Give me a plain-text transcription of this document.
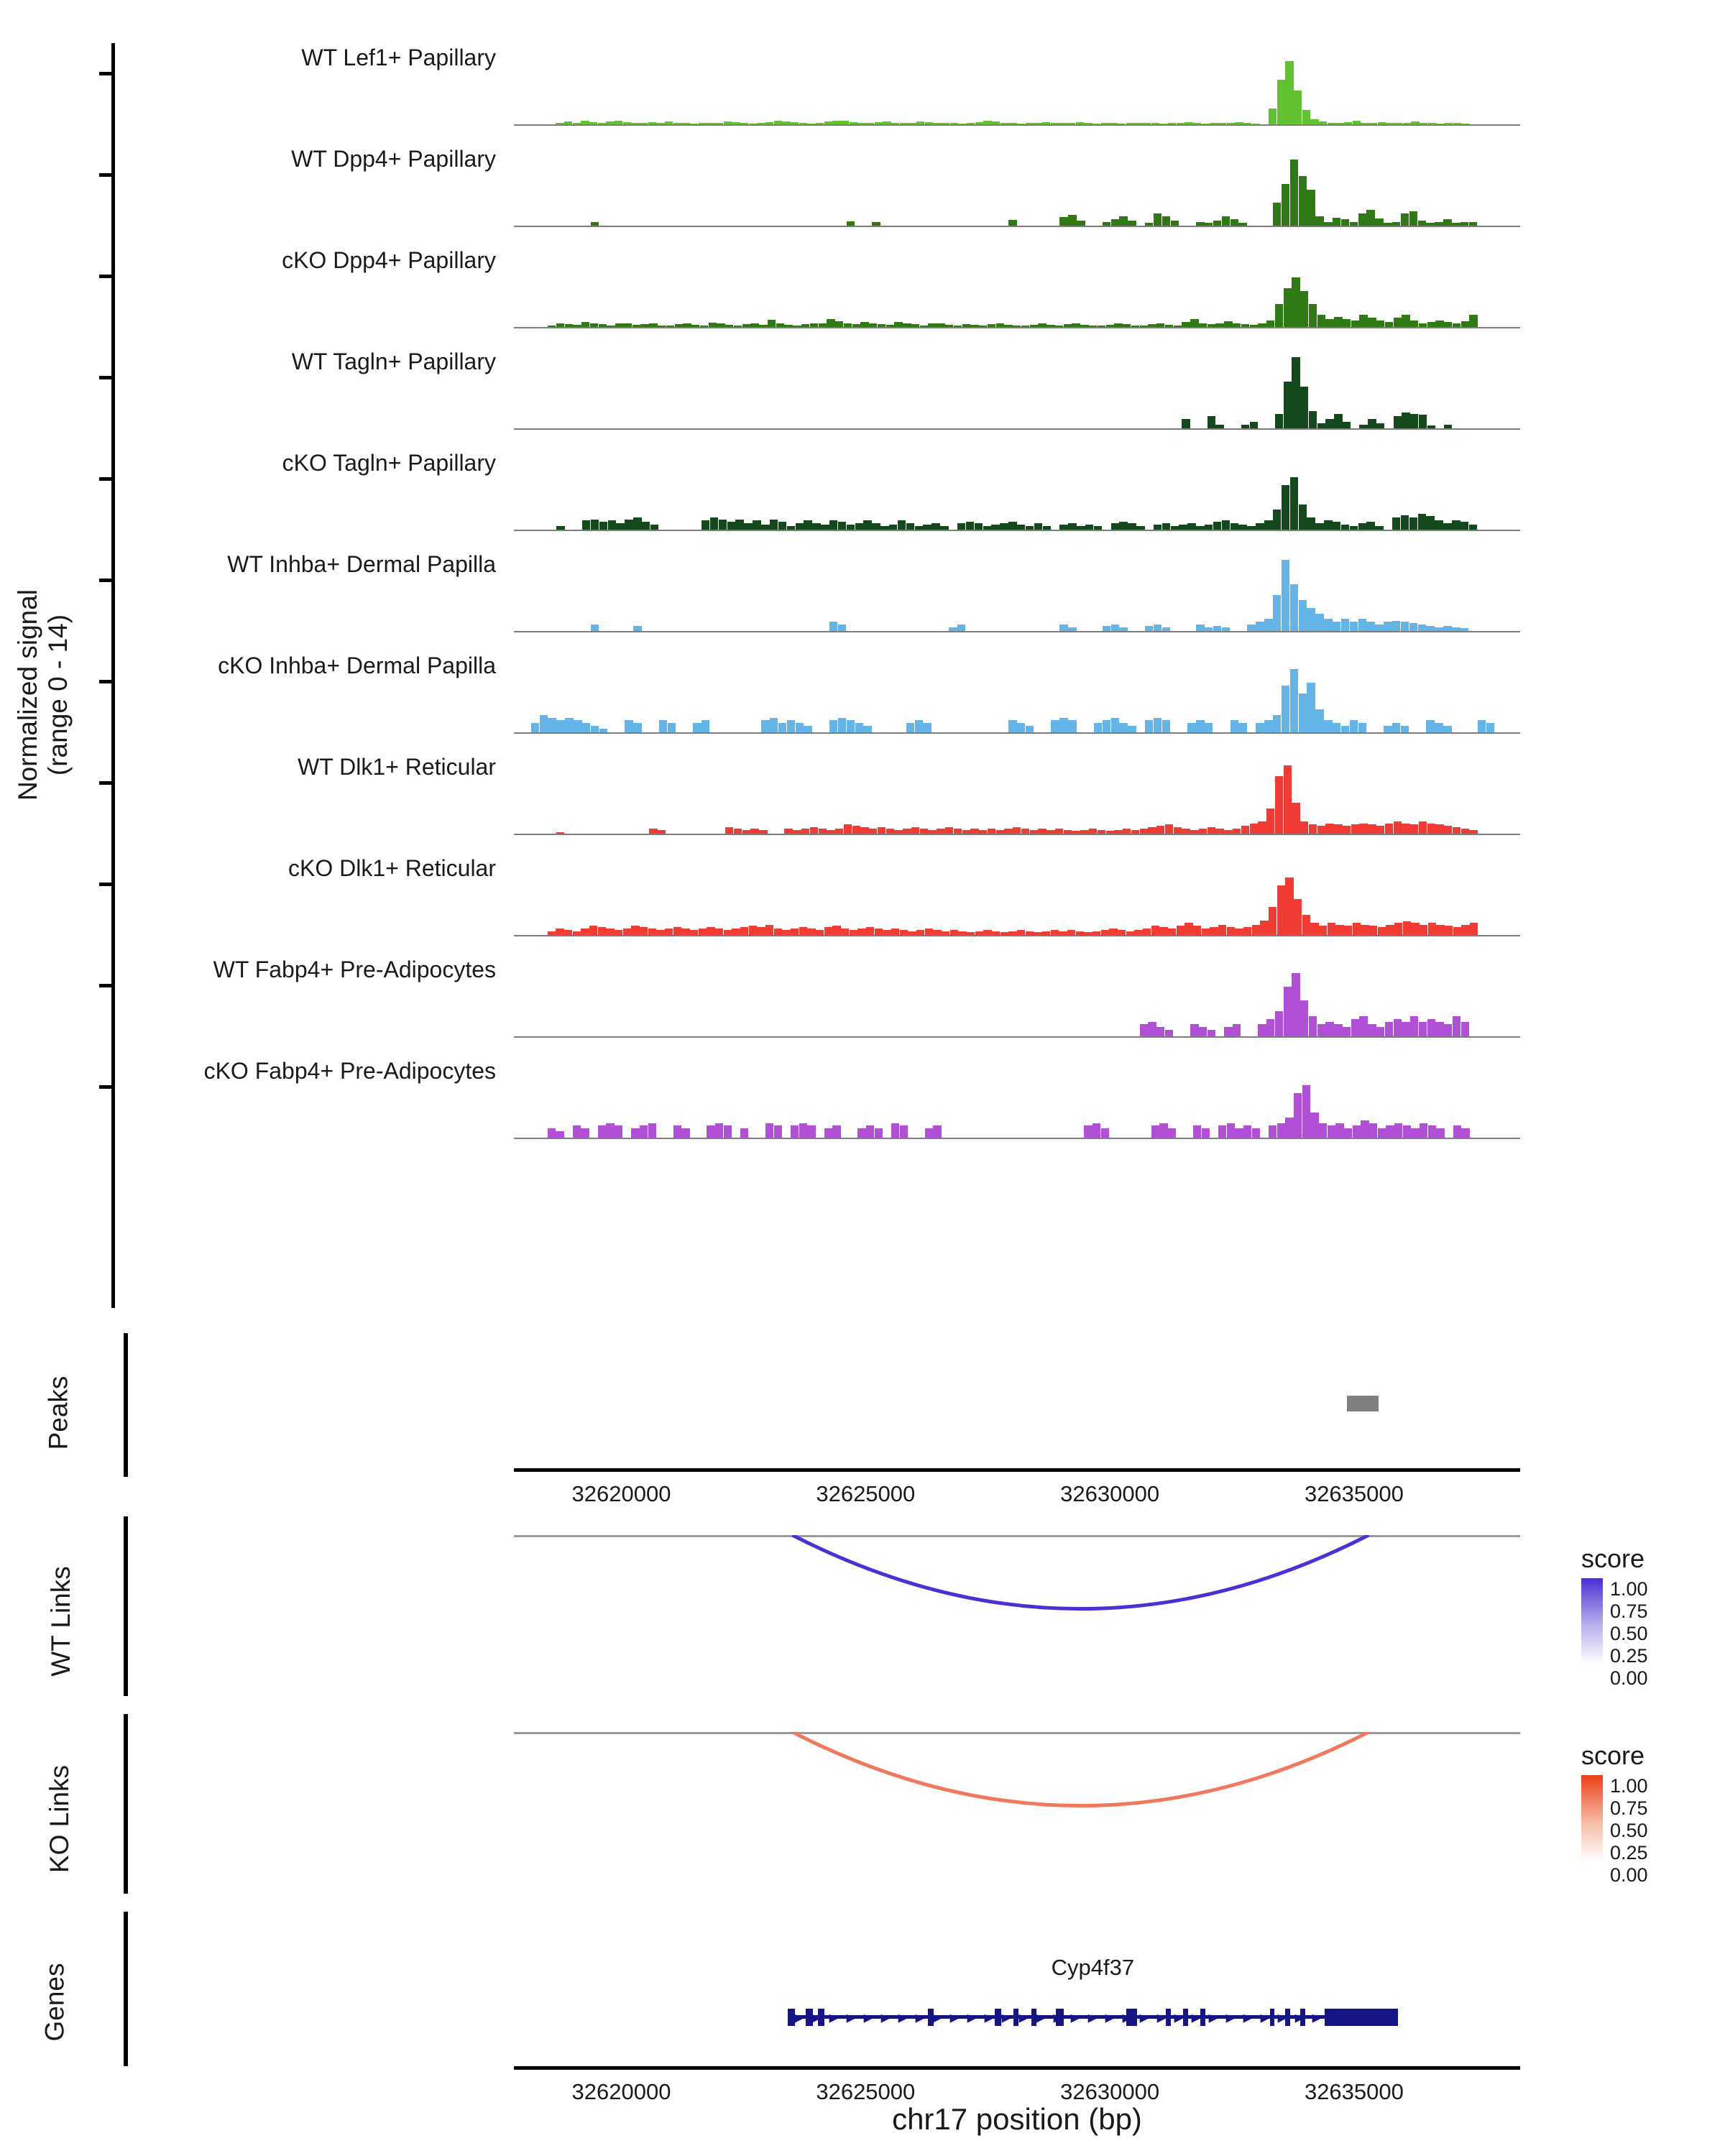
Normalized signal (range 0 - 14)
WT Lef1+ Papillary
WT Dpp4+ Papillary
cKO Dpp4+ Papillary
WT Tagln+ Papillary
cKO Tagln+ Papillary
WT Inhba+ Dermal Papilla
cKO Inhba+ Dermal Papilla
WT Dlk1+ Reticular
cKO Dlk1+ Reticular
WT Fabp4+ Pre-Adipocytes
cKO Fabp4+ Pre-Adipocytes
Peaks
32620000	32625000	32630000	32635000
WT Links
score
1.00
0.75
0.50
0.25
0.00
KO Links
score
1.00
0.75
0.50
0.25
0.00
Genes	Cyp4f37
▸ ▸ ▸ ▸ ▸ ▸ ▸ ▸ ▸ ▸ ▸ ▸ ▸ ▸ ▸ ▸ ▸ ▸ ▸ ▸ ▸ ▸ ▸ ▸ ▸ ▸ ▸ ▸ ▸ ▸ ▸ ▸ ▸ ▸
32620000	32625000	32630000	32635000
chr17 position (bp)
